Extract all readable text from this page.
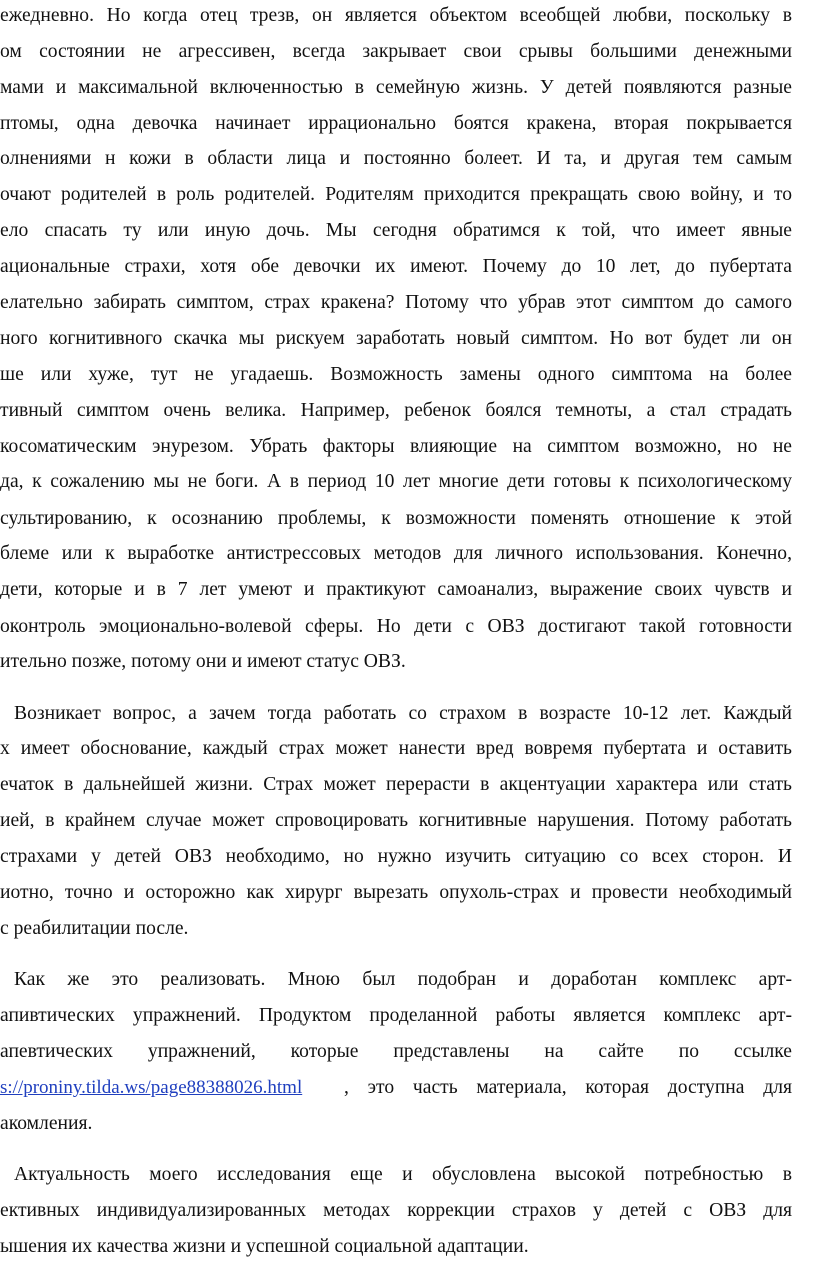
ежедневно. Но когда отец трезв, он является объектом всеобщей любви, поскольку в
ом состоянии не агрессивен, всегда закрывает свои срывы большими денежными
мами и максимальной включенностью в семейную жизнь. У детей появляются разные
птомы, одна девочка начинает иррационально боятся кракена, вторая покрывается
олнениями н кожи в области лица и постоянно болеет. И та, и другая тем самым
очают родителей в роль родителей. Родителям приходится прекращать свою войну, и то
ело спасать ту или иную дочь. Мы сегодня обратимся к той, что имеет явные
ациональные страхи, хотя обе девочки их имеют. Почему до 10 лет, до пубертата
елательно забирать симптом, страх кракена? Потому что убрав этот симптом до самого
ного когнитивного скачка мы рискуем заработать новый симптом. Но вот будет ли он
ше или хуже, тут не угадаешь. Возможность замены одного симптома на более
тивный симптом очень велика. Например, ребенок боялся темноты, а стал страдать
косоматическим энурезом. Убрать факторы влияющие на симптом возможно, но не
да, к сожалению мы не боги. А в период 10 лет многие дети готовы к психологическому
сультированию, к осознанию проблемы, к возможности поменять отношение к этой
блеме или к выработке антистрессовых методов для личного использования. Конечно,
дети, которые и в 7 лет умеют и практикуют самоанализ, выражение своих чувств и
оконтроль эмоционально-волевой сферы. Но дети с ОВЗ достигают такой готовности
ительно позже, потому они и имеют статус ОВЗ.
Возникает вопрос, а зачем тогда работать со страхом в возрасте 10-12 лет. Каждый
х имеет обоснование, каждый страх может нанести вред вовремя пубертата и оставить
ечаток в дальнейшей жизни. Страх может перерасти в акцентуации характера или стать
ией, в крайнем случае может спровоцировать когнитивные нарушения. Потому работать
страхами у детей ОВЗ необходимо, но нужно изучить ситуацию со всех сторон. И
иотно, точно и осторожно как хирург вырезать опухоль-страх и провести необходимый
с реабилитации после.
Как же это реализовать. Мною был подобран и доработан комплекс арт-
апивтических упражнений. Продуктом проделанной работы является комплекс арт-
апевтических упражнений, которые представлены на сайте по ссылке
s://proniny.tilda.ws/page88388026.html	, это часть материала, которая доступна для
акомления.
Актуальность моего исследования еще и обусловлена высокой потребностью в
ективных индивидуализированных методах коррекции страхов у детей с ОВЗ для
ышения их качества жизни и успешной социальной адаптации.
